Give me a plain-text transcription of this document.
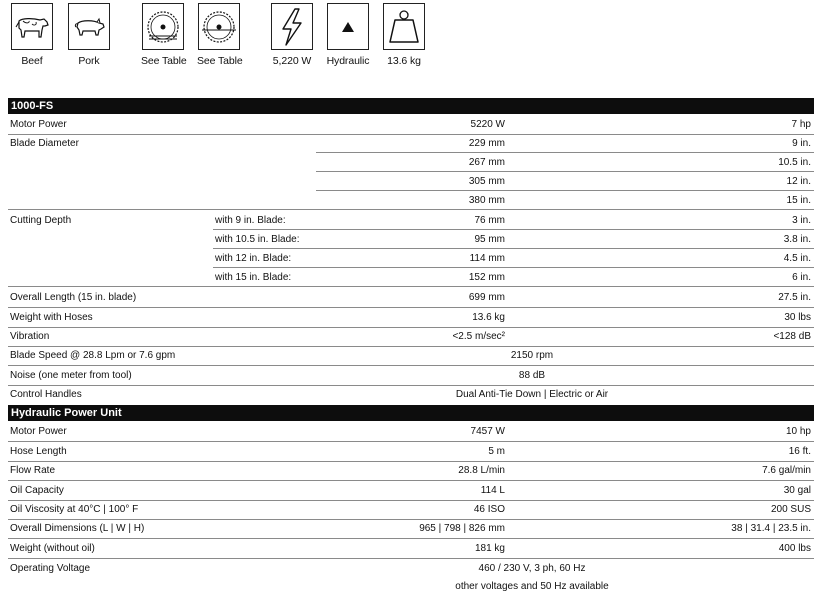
Beef	Pork	See Table See Table	5,220 W Hydraulic	13.6 kg
1000-FS
Motor Power	5220 W	7 hp
Blade Diameter	229 mm	9 in.
267 mm	10.5 in.
305 mm	12 in.
380 mm	15 in.
Cutting Depth	with 9 in. Blade:	76 mm	3 in.
with 10.5 in. Blade:	95 mm	3.8 in.
with 12 in. Blade:	114 mm	4.5 in.
with 15 in. Blade:	152 mm	6 in.
Overall Length (15 in. blade)	699 mm	27.5 in.
Weight with Hoses	13.6 kg	30 lbs
Vibration	<2.5 m/sec²	<128 dB
Blade Speed @ 28.8 Lpm or 7.6 gpm	2150 rpm
Noise (one meter from tool)	88 dB
Control Handles	Dual Anti-Tie Down | Electric or Air
Hydraulic Power Unit
Motor Power	7457 W	10 hp
Hose Length	5 m	16 ft.
Flow Rate	28.8 L/min	7.6 gal/min
Oil Capacity	114 L	30 gal
Oil Viscosity at 40°C | 100° F	46 ISO	200 SUS
Overall Dimensions (L | W | H)	965 | 798 | 826 mm	38 | 31.4 | 23.5 in.
Weight (without oil)	181 kg	400 lbs
Operating Voltage	460 / 230 V, 3 ph, 60 Hz
other voltages and 50 Hz available
